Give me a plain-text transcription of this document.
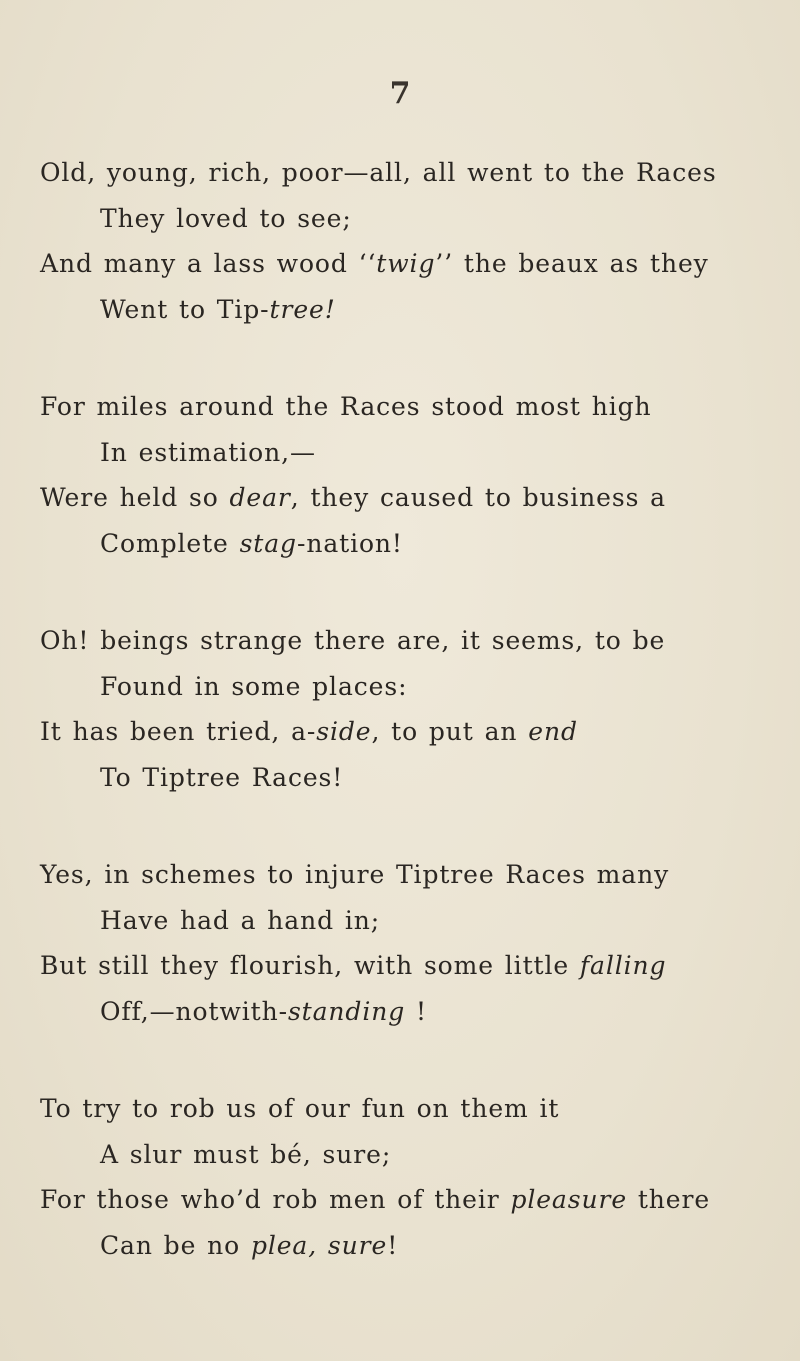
7
Old, young, rich, poor—all, all went to the Races
They loved to see;
And many a lass wood ‘‘twig’’ the beaux as they
Went to Tip-tree!
For miles around the Races stood most high
In estimation,—
Were held so dear, they caused to business a
Complete stag-nation!
Oh! beings strange there are, it seems, to be
Found in some places:
It has been tried, a-side, to put an end
To Tiptree Races!
Yes, in schemes to injure Tiptree Races many
Have had a hand in;
But still they flourish, with some little falling
Off,—notwith-standing !
To try to rob us of our fun on them it
A slur must bé, sure;
For those who’d rob men of their pleasure there
Can be no plea, sure!
